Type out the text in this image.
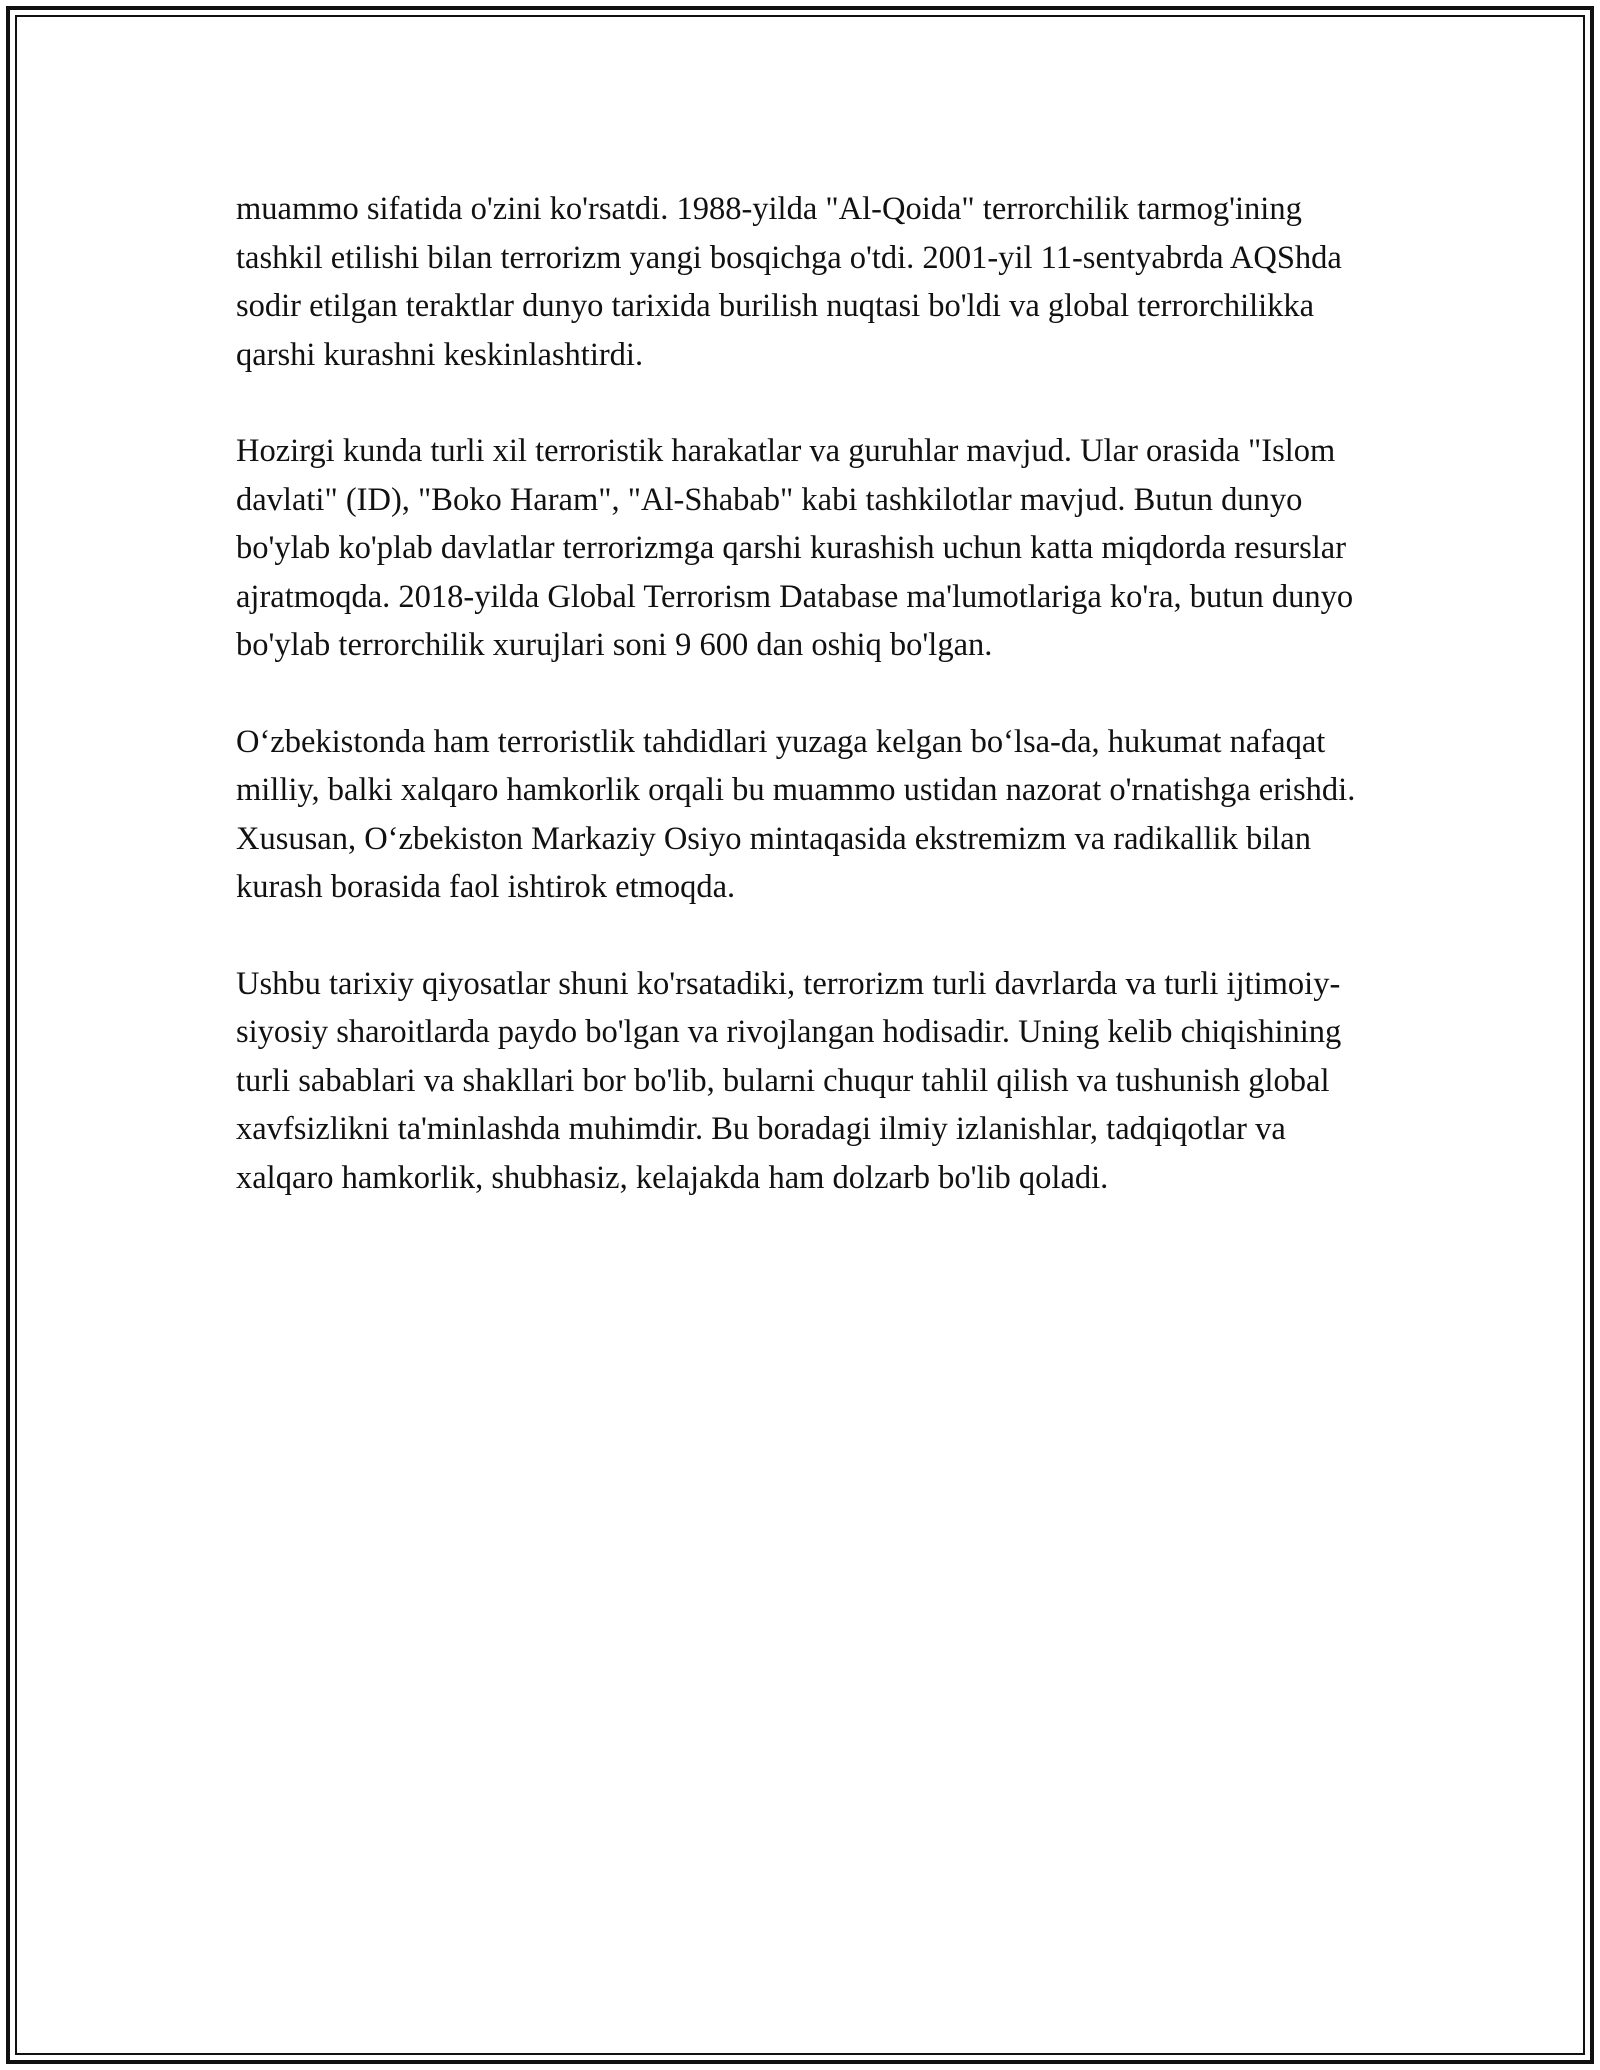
muammo sifatida o'zini ko'rsatdi. 1988-yilda "Al-Qoida" terrorchilik tarmog'ining tashkil etilishi bilan terrorizm yangi bosqichga o'tdi. 2001-yil 11-sentyabrda AQShda sodir etilgan teraktlar dunyo tarixida burilish nuqtasi bo'ldi va global terrorchilikka qarshi kurashni keskinlashtirdi.

Hozirgi kunda turli xil terroristik harakatlar va guruhlar mavjud. Ular orasida "Islom davlati" (ID), "Boko Haram", "Al-Shabab" kabi tashkilotlar mavjud. Butun dunyo bo'ylab ko'plab davlatlar terrorizmga qarshi kurashish uchun katta miqdorda resurslar ajratmoqda. 2018-yilda Global Terrorism Database ma'lumotlariga ko'ra, butun dunyo bo'ylab terrorchilik xurujlari soni 9 600 dan oshiq bo'lgan.

O‘zbekistonda ham terroristlik tahdidlari yuzaga kelgan bo‘lsa-da, hukumat nafaqat milliy, balki xalqaro hamkorlik orqali bu muammo ustidan nazorat o'rnatishga erishdi. Xususan, O‘zbekiston Markaziy Osiyo mintaqasida ekstremizm va radikallik bilan kurash borasida faol ishtirok etmoqda.

Ushbu tarixiy qiyosatlar shuni ko'rsatadiki, terrorizm turli davrlarda va turli ijtimoiy-siyosiy sharoitlarda paydo bo'lgan va rivojlangan hodisadir. Uning kelib chiqishining turli sabablari va shakllari bor bo'lib, bularni chuqur tahlil qilish va tushunish global xavfsizlikni ta'minlashda muhimdir. Bu boradagi ilmiy izlanishlar, tadqiqotlar va xalqaro hamkorlik, shubhasiz, kelajakda ham dolzarb bo'lib qoladi.
